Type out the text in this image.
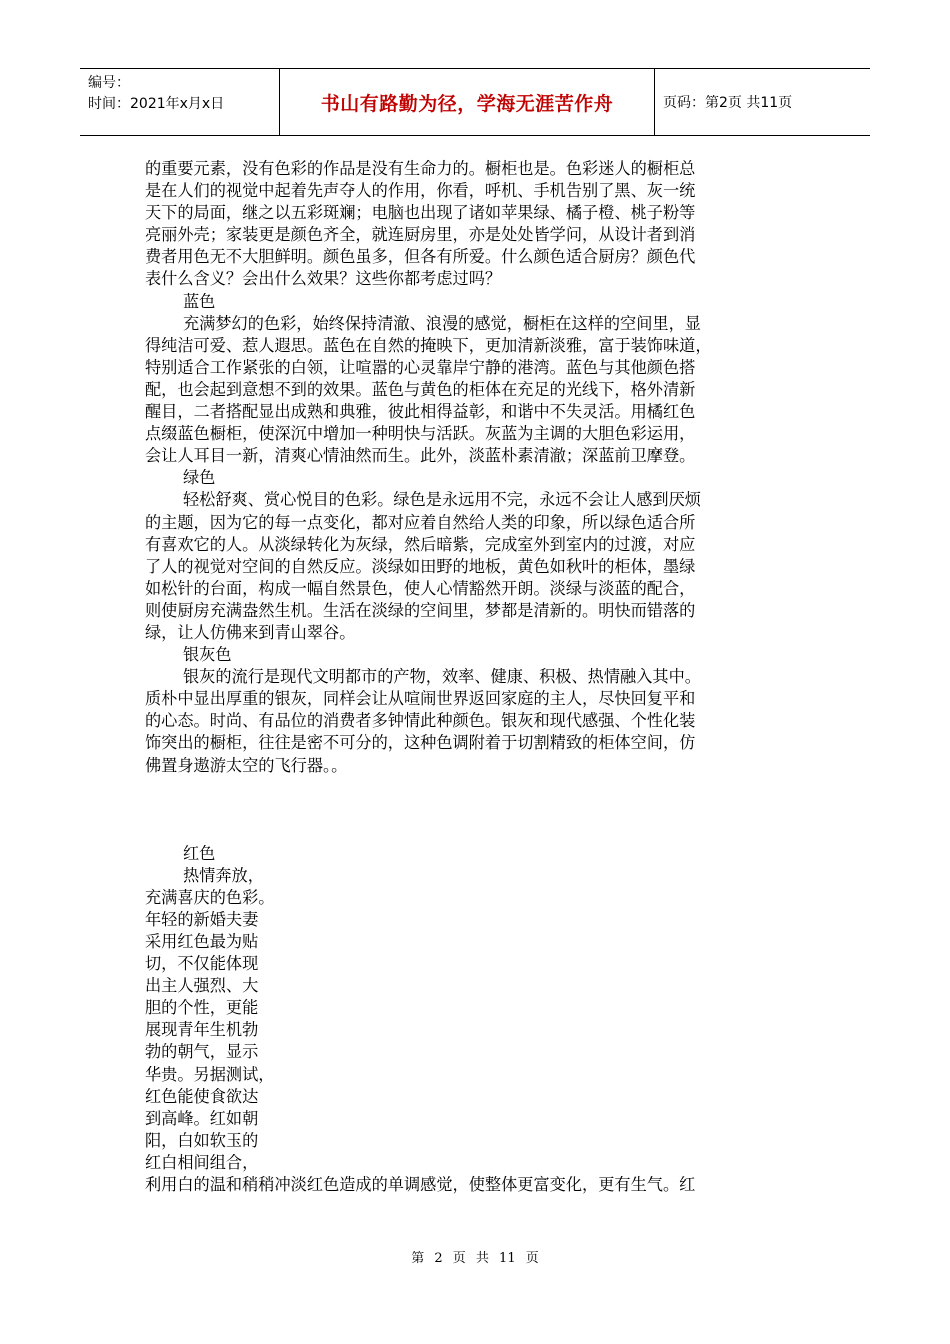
编号：
时间：2021年x月x日	书山有路勤为径，学海无涯苦作舟	页码：第2页 共11页

的重要元素，没有色彩的作品是没有生命力的。橱柜也是。色彩迷人的橱柜总

是在人们的视觉中起着先声夺人的作用，你看，呼机、手机告别了黑、灰一统

天下的局面，继之以五彩斑斓；电脑也出现了诸如苹果绿、橘子橙、桃子粉等

亮丽外壳；家装更是颜色齐全，就连厨房里，亦是处处皆学问，从设计者到消

费者用色无不大胆鲜明。颜色虽多，但各有所爱。什么颜色适合厨房？颜色代

表什么含义？会出什么效果？这些你都考虑过吗？

蓝色

充满梦幻的色彩，始终保持清澈、浪漫的感觉，橱柜在这样的空间里，显

得纯洁可爱、惹人遐思。蓝色在自然的掩映下，更加清新淡雅，富于装饰味道，

特别适合工作紧张的白领，让喧嚣的心灵靠岸宁静的港湾。蓝色与其他颜色搭

配，也会起到意想不到的效果。蓝色与黄色的柜体在充足的光线下，格外清新

醒目，二者搭配显出成熟和典雅，彼此相得益彰，和谐中不失灵活。用橘红色

点缀蓝色橱柜，使深沉中增加一种明快与活跃。灰蓝为主调的大胆色彩运用，

会让人耳目一新，清爽心情油然而生。此外，淡蓝朴素清澈；深蓝前卫摩登。

绿色

轻松舒爽、赏心悦目的色彩。绿色是永远用不完，永远不会让人感到厌烦

的主题，因为它的每一点变化，都对应着自然给人类的印象，所以绿色适合所

有喜欢它的人。从淡绿转化为灰绿，然后暗紫，完成室外到室内的过渡，对应

了人的视觉对空间的自然反应。淡绿如田野的地板，黄色如秋叶的柜体，墨绿

如松针的台面，构成一幅自然景色，使人心情豁然开朗。淡绿与淡蓝的配合，

则使厨房充满盎然生机。生活在淡绿的空间里，梦都是清新的。明快而错落的

绿，让人仿佛来到青山翠谷。

银灰色

银灰的流行是现代文明都市的产物，效率、健康、积极、热情融入其中。

质朴中显出厚重的银灰，同样会让从喧闹世界返回家庭的主人，尽快回复平和

的心态。时尚、有品位的消费者多钟情此种颜色。银灰和现代感强、个性化装

饰突出的橱柜，往往是密不可分的，这种色调附着于切割精致的柜体空间，仿

佛置身遨游太空的飞行器。。

红色

热情奔放，

充满喜庆的色彩。

年轻的新婚夫妻

采用红色最为贴

切，不仅能体现

出主人强烈、大

胆的个性，更能

展现青年生机勃

勃的朝气，显示

华贵。另据测试，

红色能使食欲达

到高峰。红如朝

阳，白如软玉的

红白相间组合，

利用白的温和稍稍冲淡红色造成的单调感觉，使整体更富变化，更有生气。红

第 2 页 共 11 页
